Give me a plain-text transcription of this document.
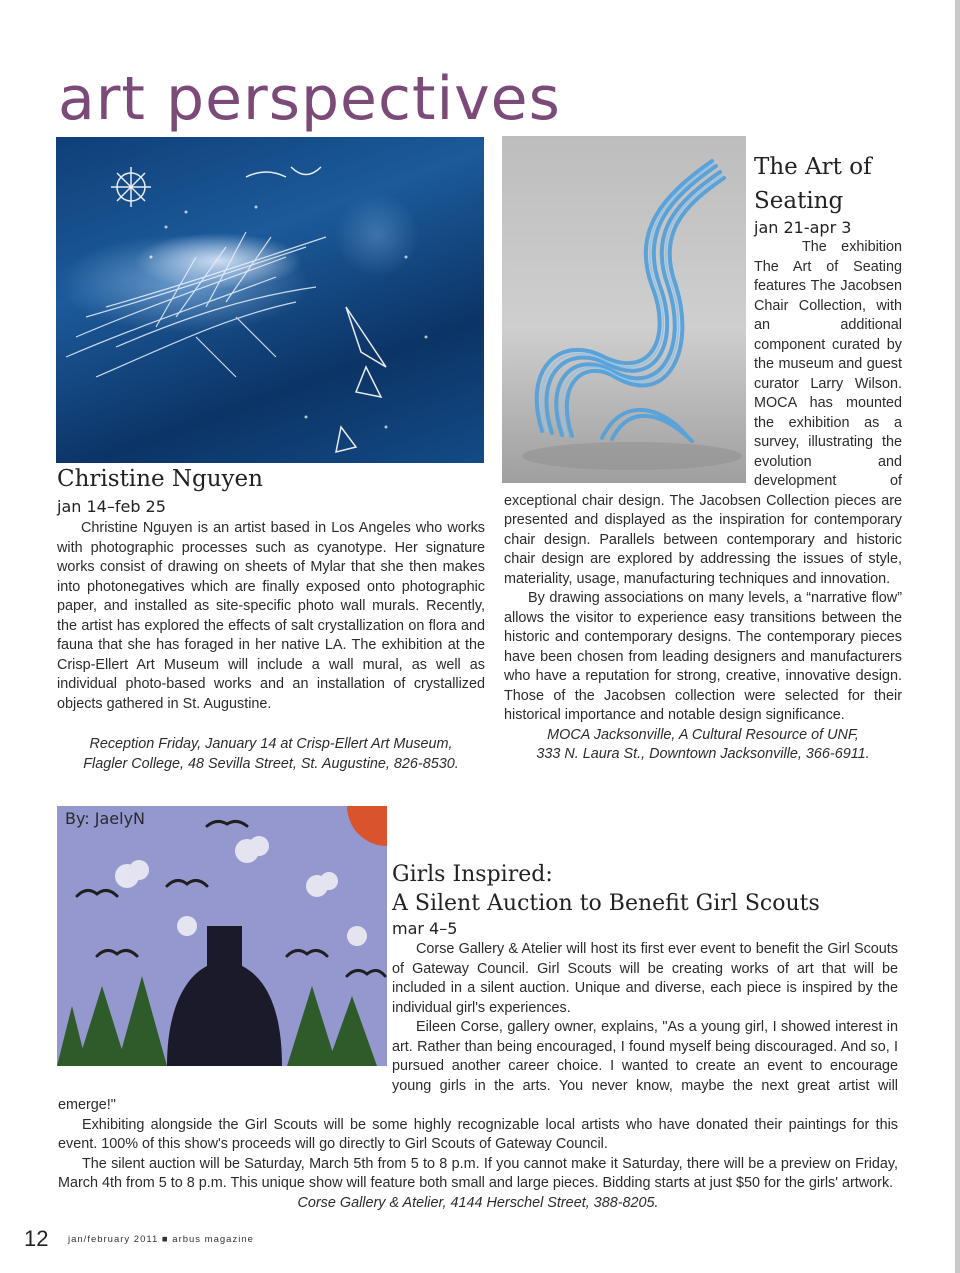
art perspectives
Christine Nguyen
jan 14–feb 25

Christine Nguyen is an artist based in Los Angeles who works with photographic processes such as cyanotype. Her signature works consist of drawing on sheets of Mylar that she then makes into photonegatives which are finally exposed onto photographic paper, and installed as site-specific photo wall murals. Recently, the artist has explored the effects of salt crystallization on flora and fauna that she has foraged in her native LA. The exhibition at the Crisp-Ellert Art Museum will include a wall mural, as well as individual photo-based works and an installation of crystallized objects gathered in St. Augustine.

Reception Friday, January 14 at Crisp-Ellert Art Museum,
Flagler College, 48 Sevilla Street, St. Augustine, 826-8530.
The Art of
Seating
jan 21-apr 3

The exhibition The Art of Seating features The Jacobsen Chair Collection, with an additional component curated by the museum and guest curator Larry Wilson. MOCA has mounted the exhibition as a survey, illustrating the evolution and development of exceptional chair design. The Jacobsen Collection pieces are presented and displayed as the inspiration for contemporary chair design. Parallels between contemporary and historic chair design are explored by addressing the issues of style, materiality, usage, manufacturing techniques and innovation.

By drawing associations on many levels, a “narrative flow” allows the visitor to experience easy transitions between the historic and contemporary designs. The contemporary pieces have been chosen from leading designers and manufacturers who have a reputation for strong, creative, innovative design. Those of the Jacobsen collection were selected for their historical importance and notable design significance.

MOCA Jacksonville, A Cultural Resource of UNF,
333 N. Laura St., Downtown Jacksonville, 366-6911.
By: JaelyN
Girls Inspired:
A Silent Auction to Benefit Girl Scouts
mar 4–5

Corse Gallery & Atelier will host its first ever event to benefit the Girl Scouts of Gateway Council. Girl Scouts will be creating works of art that will be included in a silent auction. Unique and diverse, each piece is inspired by the individual girl's experiences.

Eileen Corse, gallery owner, explains, "As a young girl, I showed interest in art. Rather than being encouraged, I found myself being discouraged. And so, I pursued another career choice. I wanted to create an event to encourage young girls in the arts. You never know, maybe the next great artist will emerge!"

Exhibiting alongside the Girl Scouts will be some highly recognizable local artists who have donated their paintings for this event. 100% of this show's proceeds will go directly to Girl Scouts of Gateway Council.

The silent auction will be Saturday, March 5th from 5 to 8 p.m. If you cannot make it Saturday, there will be a preview on Friday, March 4th from 5 to 8 p.m. This unique show will feature both small and large pieces. Bidding starts at just $50 for the girls' artwork.

Corse Gallery & Atelier, 4144 Herschel Street, 388-8205.
12 jan/february 2011 ■ arbus magazine
